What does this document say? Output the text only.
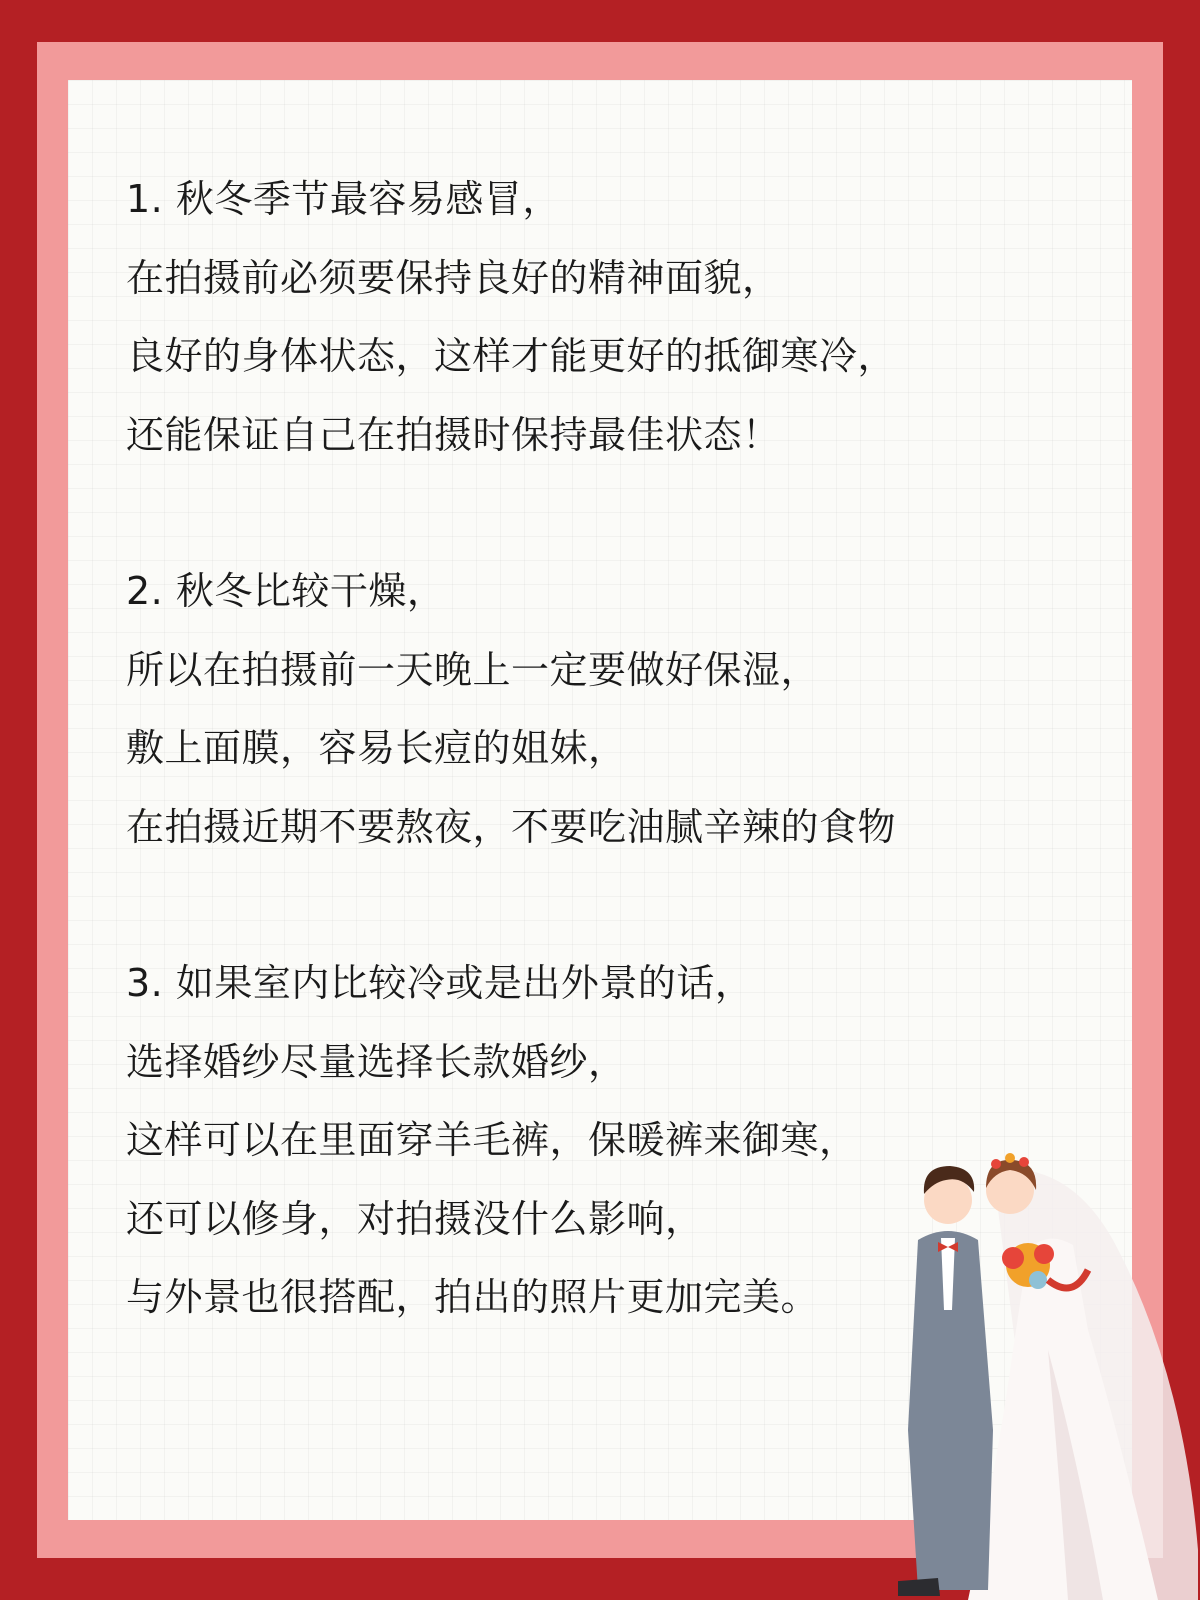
1. 秋冬季节最容易感冒，
在拍摄前必须要保持良好的精神面貌，
良好的身体状态，这样才能更好的抵御寒冷，
还能保证自己在拍摄时保持最佳状态！
2. 秋冬比较干燥，
所以在拍摄前一天晚上一定要做好保湿，
敷上面膜，容易长痘的姐妹，
在拍摄近期不要熬夜，不要吃油腻辛辣的食物
3. 如果室内比较冷或是出外景的话，
选择婚纱尽量选择长款婚纱，
这样可以在里面穿羊毛裤，保暖裤来御寒，
还可以修身，对拍摄没什么影响，
与外景也很搭配，拍出的照片更加完美。
